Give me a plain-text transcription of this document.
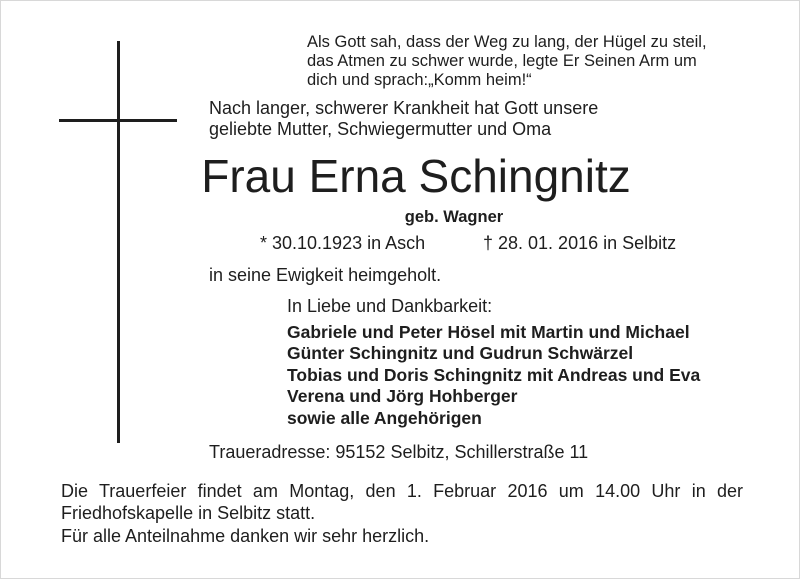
Als Gott sah, dass der Weg zu lang, der Hügel zu steil,
das Atmen zu schwer wurde, legte Er Seinen Arm um
dich und sprach:„Komm heim!“
Nach langer, schwerer Krankheit hat Gott unsere
geliebte Mutter, Schwiegermutter und Oma
Frau Erna Schingnitz
geb. Wagner
* 30.10.1923 in Asch	† 28. 01. 2016 in Selbitz
in seine Ewigkeit heimgeholt.
In Liebe und Dankbarkeit:
Gabriele und Peter Hösel mit Martin und Michael
Günter Schingnitz und Gudrun Schwärzel
Tobias und Doris Schingnitz mit Andreas und Eva
Verena und Jörg Hohberger
sowie alle Angehörigen
Traueradresse: 95152 Selbitz, Schillerstraße 11
Die Trauerfeier findet am Montag, den 1. Februar 2016 um 14.00 Uhr in der Friedhofskapelle in Selbitz statt.
Für alle Anteilnahme danken wir sehr herzlich.
